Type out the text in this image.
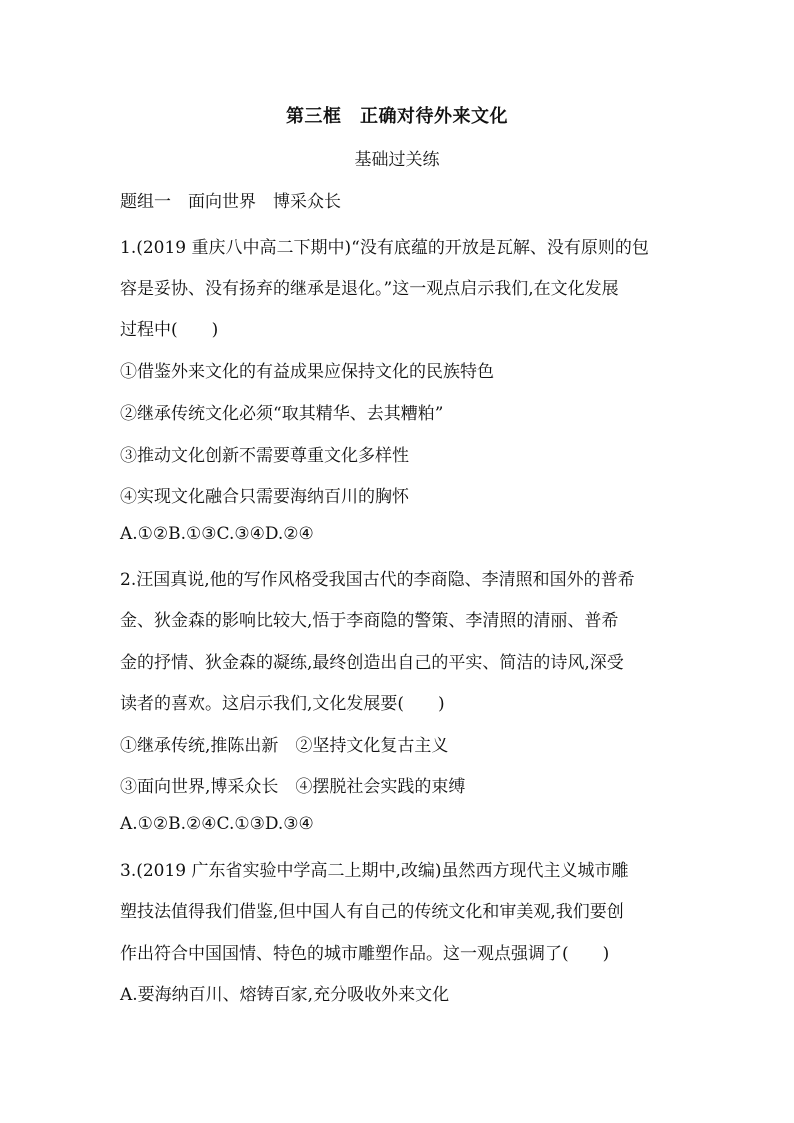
第三框　正确对待外来文化
基础过关练
题组一　面向世界　博采众长
1.(2019 重庆八中高二下期中)“没有底蕴的开放是瓦解、没有原则的包
容是妥协、没有扬弃的继承是退化。”这一观点启示我们,在文化发展
过程中(　　)
①借鉴外来文化的有益成果应保持文化的民族特色
②继承传统文化必须“取其精华、去其糟粕”
③推动文化创新不需要尊重文化多样性
④实现文化融合只需要海纳百川的胸怀
A.①②B.①③C.③④D.②④
2.汪国真说,他的写作风格受我国古代的李商隐、李清照和国外的普希
金、狄金森的影响比较大,悟于李商隐的警策、李清照的清丽、普希
金的抒情、狄金森的凝练,最终创造出自己的平实、简洁的诗风,深受
读者的喜欢。这启示我们,文化发展要(　　)
①继承传统,推陈出新　②坚持文化复古主义
③面向世界,博采众长　④摆脱社会实践的束缚
A.①②B.②④C.①③D.③④
3.(2019 广东省实验中学高二上期中,改编)虽然西方现代主义城市雕
塑技法值得我们借鉴,但中国人有自己的传统文化和审美观,我们要创
作出符合中国国情、特色的城市雕塑作品。这一观点强调了(　　)
A.要海纳百川、熔铸百家,充分吸收外来文化
